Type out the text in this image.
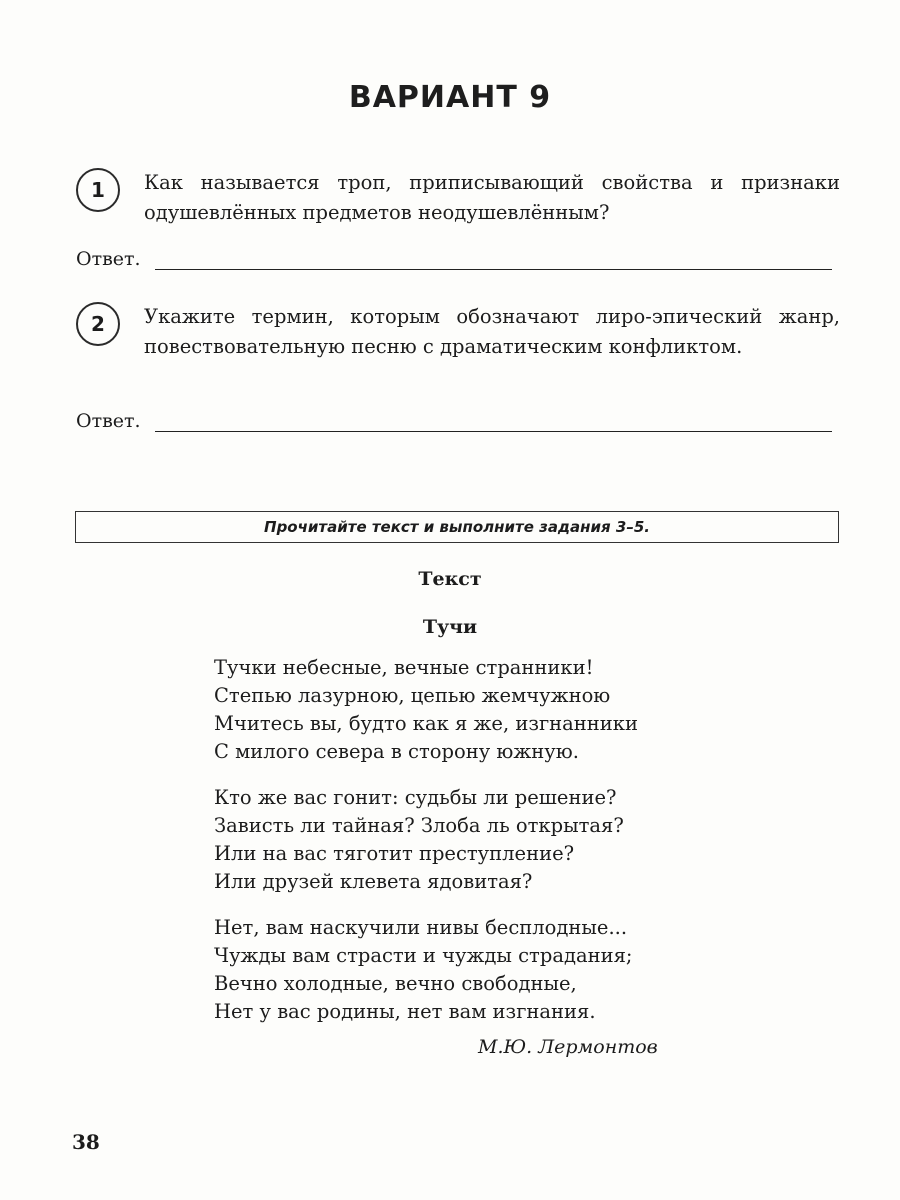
ВАРИАНТ 9
1	Как называется троп, приписывающий свойства и признаки одушевлённых предметов неодушевлённым?
Ответ.
2	Укажите термин, которым обозначают лиро-эпический жанр, повествовательную песню с драматическим конфликтом.
Ответ.
Прочитайте текст и выполните задания 3–5.
Текст
Тучи
Тучки небесные, вечные странники!
Степью лазурною, цепью жемчужною
Мчитесь вы, будто как я же, изгнанники
С милого севера в сторону южную.
Кто же вас гонит: судьбы ли решение?
Зависть ли тайная? Злоба ль открытая?
Или на вас тяготит преступление?
Или друзей клевета ядовитая?
Нет, вам наскучили нивы бесплодные...
Чужды вам страсти и чужды страдания;
Вечно холодные, вечно свободные,
Нет у вас родины, нет вам изгнания.
М.Ю. Лермонтов
38
